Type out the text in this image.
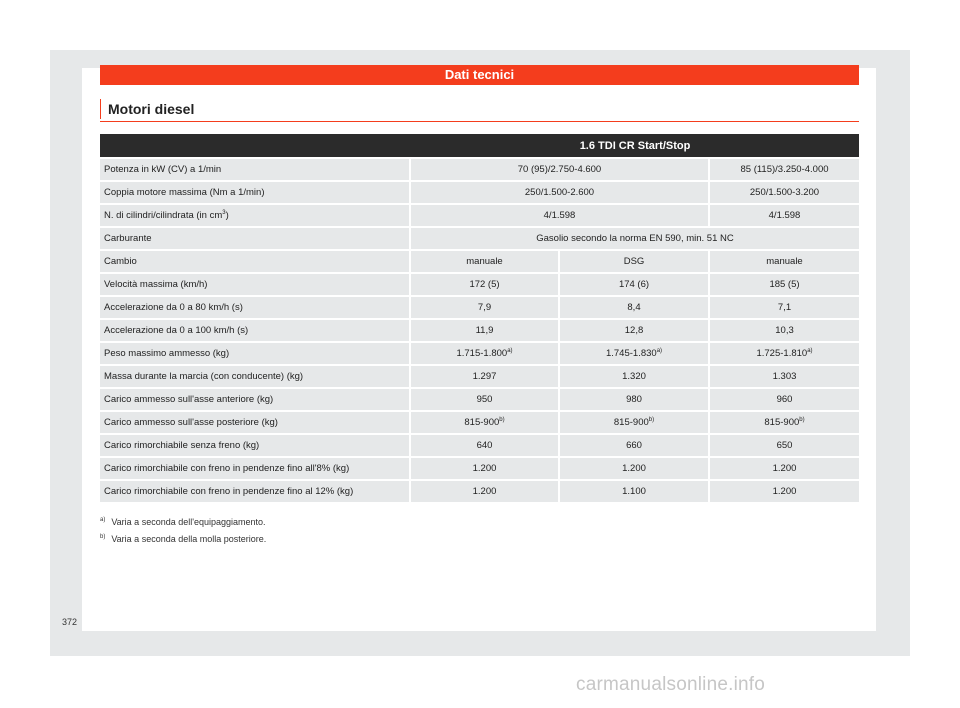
Dati tecnici
Motori diesel
	1.6 TDI CR Start/Stop		
Potenza in kW (CV) a 1/min	70 (95)/2.750-4.600		85 (115)/3.250-4.000
Coppia motore massima (Nm a 1/min)	250/1.500-2.600		250/1.500-3.200
N. di cilindri/cilindrata (in $cm^3$)	4/1.598		4/1.598
Carburante	Gasolio secondo la norma EN 590, min. 51 NC		
Cambio	manuale	DSG	manuale
Velocità massima (km/h)	172 (5)	174 (6)	185 (5)
Accelerazione da 0 a 80 km/h (s)	7,9	8,4	7,1
Accelerazione da 0 a 100 km/h (s)	11,9	12,8	10,3
Peso massimo ammesso (kg)	1.715-1.800$^{a)}$	1.745-1.830$^{a)}$	1.725-1.810$^{a)}$
Massa durante la marcia (con conducente) (kg)	1.297	1.320	1.303
Carico ammesso sull'asse anteriore (kg)	950	980	960
Carico ammesso sull'asse posteriore (kg)	815-900$^{b)}$	815-900$^{b)}$	815-900$^{b)}$
Carico rimorchiabile senza freno (kg)	640	660	650
Carico rimorchiabile con freno in pendenze fino all'8% (kg)	1.200	1.200	1.200
Carico rimorchiabile con freno in pendenze fino al 12% (kg)	1.200	1.100	1.200
$^{a)}$ Varia a seconda dell'equipaggiamento.
$^{b)}$ Varia a seconda della molla posteriore.
372
carmanualsonline.info
